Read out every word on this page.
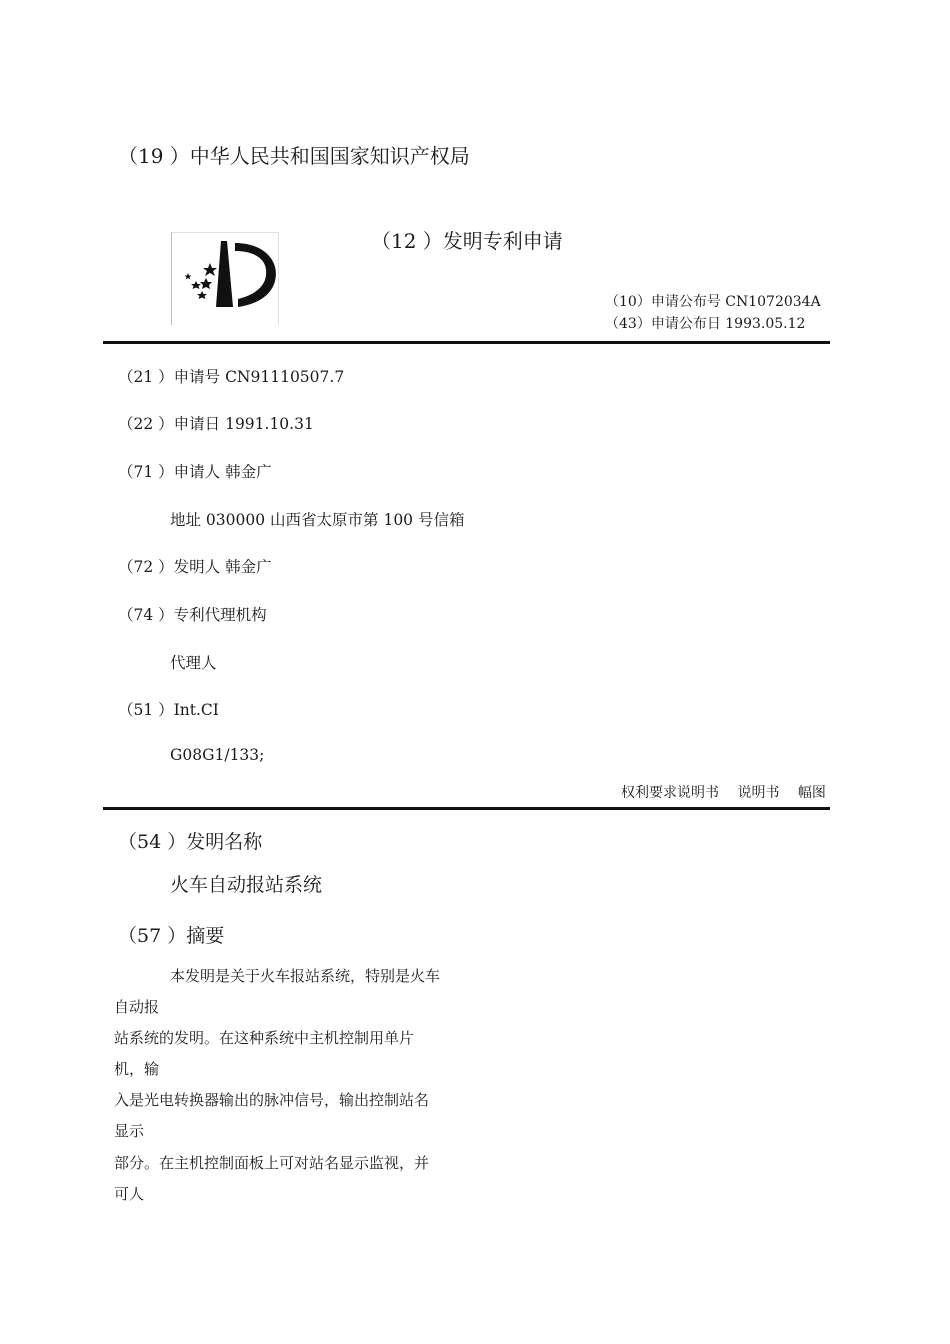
（19 ）中华人民共和国国家知识产权局
（12 ）发明专利申请
（10）申请公布号 CN1072034A
（43）申请公布日 1993.05.12
（21 ）申请号 CN91110507.7
（22 ）申请日 1991.10.31
（71 ）申请人 韩金广
地址 030000 山西省太原市第 100 号信箱
（72 ）发明人 韩金广
（74 ）专利代理机构
代理人
（51 ）Int.CI
G08G1/133;
权利要求说明书 说明书 幅图
（54 ）发明名称
火车自动报站系统
（57 ）摘要
本发明是关于火车报站系统，特别是火车
自动报
站系统的发明。在这种系统中主机控制用单片
机，输
入是光电转换器输出的脉冲信号，输出控制站名
显示
部分。在主机控制面板上可对站名显示监视，并
可人
